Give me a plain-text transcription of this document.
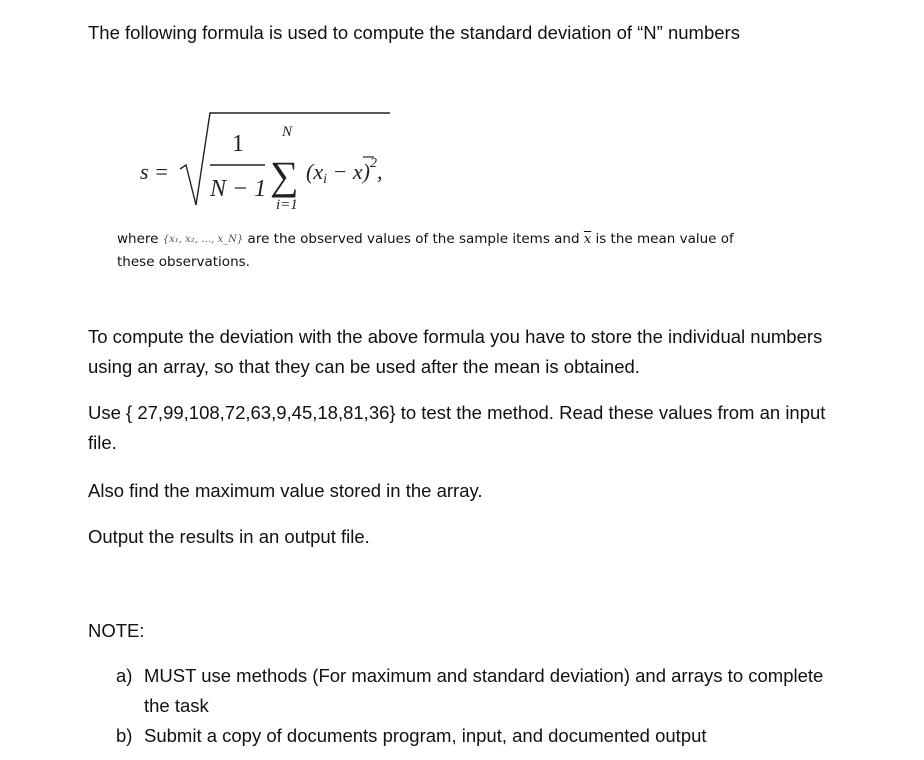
The following formula is used to compute the standard deviation of “N” numbers

s =
1
N − 1
N
∑
i=1
(xi − x)$^2$,

where {x₁, x₂, …, x_N} are the observed values of the sample items and $\overline{x}$ is the mean value of
these observations.

To compute the deviation with the above formula you have to store the individual numbers using an array, so that they can be used after the mean is obtained.

Use { 27,99,108,72,63,9,45,18,81,36} to test the method. Read these values from an input file.

Also find the maximum value stored in the array.

Output the results in an output file.

NOTE:

a) MUST use methods (For maximum and standard deviation) and arrays to complete the task
b) Submit a copy of documents program, input, and documented output
